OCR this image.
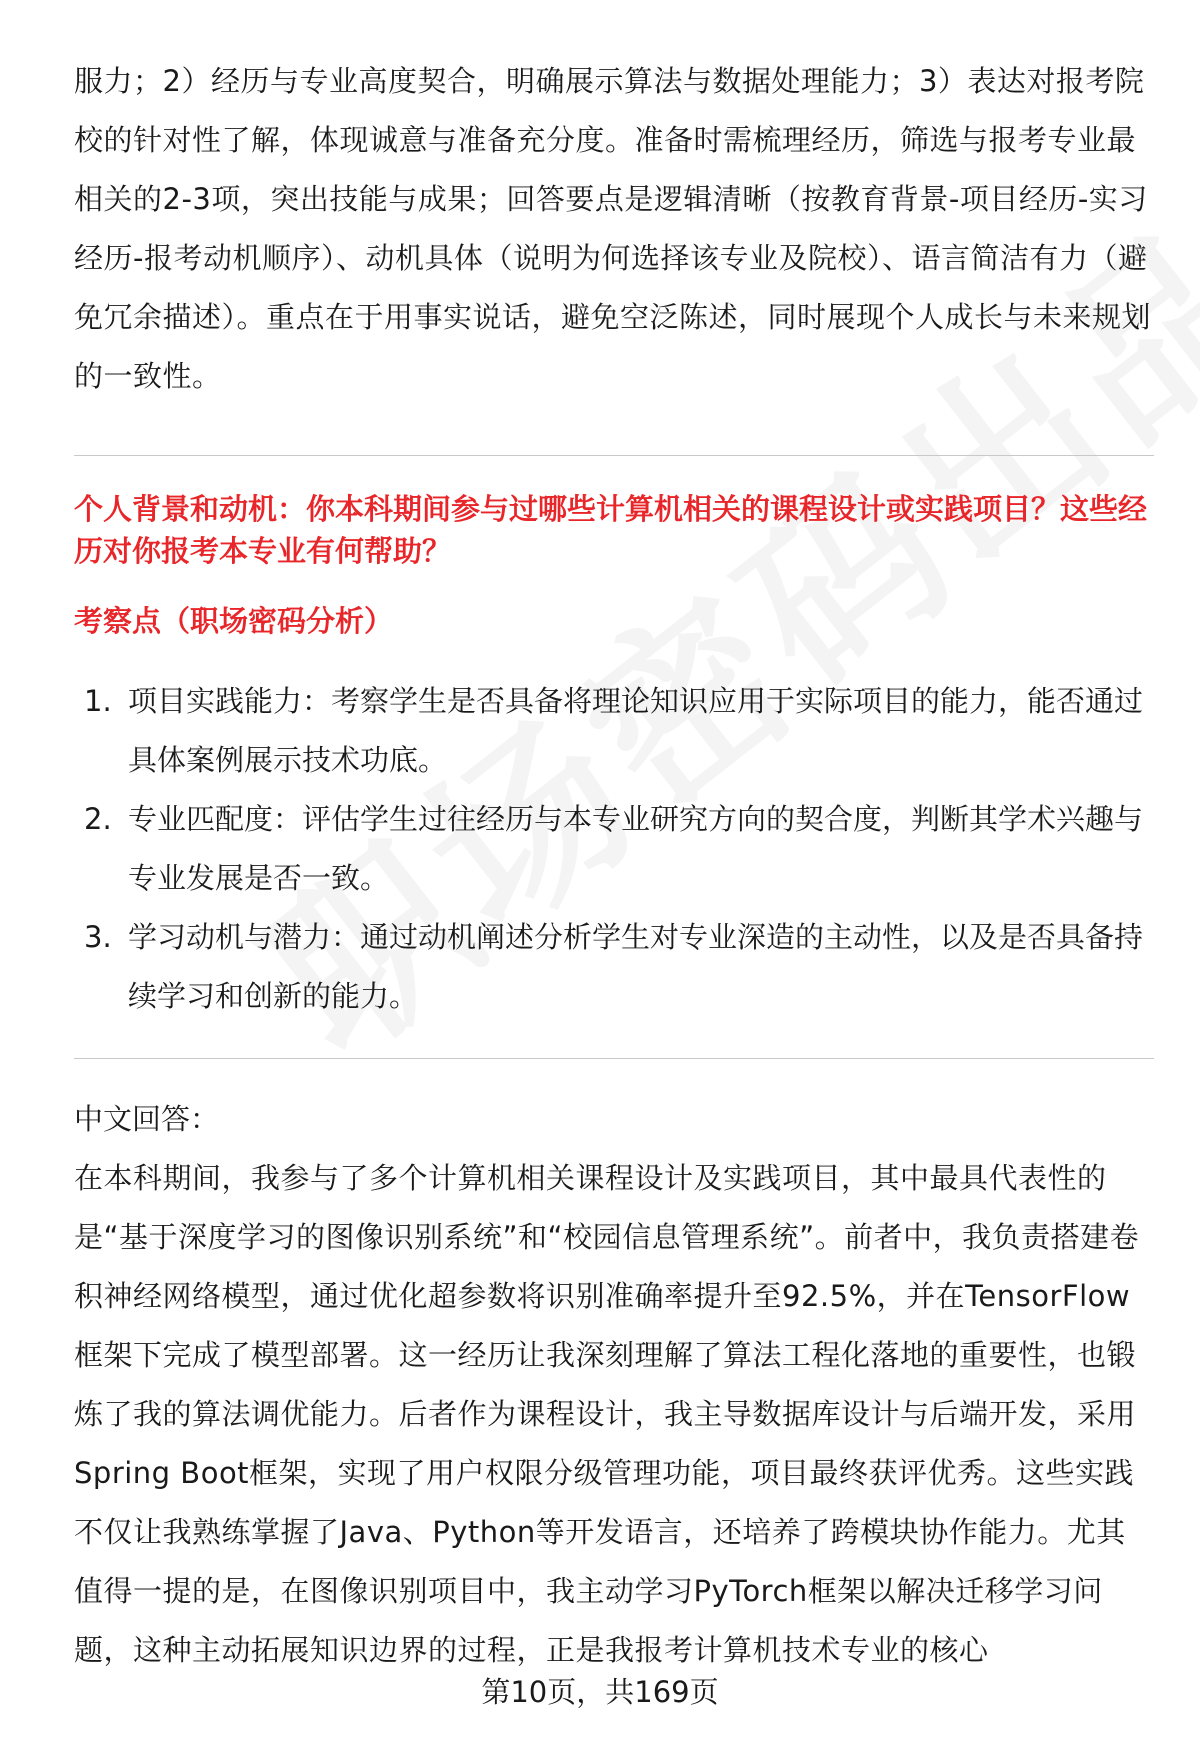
服力；2）经历与专业高度契合，明确展示算法与数据处理能力；3）表达对报考院校的针对性了解，体现诚意与准备充分度。准备时需梳理经历，筛选与报考专业最相关的2-3项，突出技能与成果；回答要点是逻辑清晰（按教育背景-项目经历-实习经历-报考动机顺序）、动机具体（说明为何选择该专业及院校）、语言简洁有力（避免冗余描述）。重点在于用事实说话，避免空泛陈述，同时展现个人成长与未来规划的一致性。

个人背景和动机：你本科期间参与过哪些计算机相关的课程设计或实践项目？这些经历对你报考本专业有何帮助？

考察点（职场密码分析）

1. 项目实践能力：考察学生是否具备将理论知识应用于实际项目的能力，能否通过具体案例展示技术功底。
2. 专业匹配度：评估学生过往经历与本专业研究方向的契合度，判断其学术兴趣与专业发展是否一致。
3. 学习动机与潜力：通过动机阐述分析学生对专业深造的主动性，以及是否具备持续学习和创新的能力。

中文回答：

在本科期间，我参与了多个计算机相关课程设计及实践项目，其中最具代表性的是“基于深度学习的图像识别系统”和“校园信息管理系统”。前者中，我负责搭建卷积神经网络模型，通过优化超参数将识别准确率提升至92.5%，并在TensorFlow框架下完成了模型部署。这一经历让我深刻理解了算法工程化落地的重要性，也锻炼了我的算法调优能力。后者作为课程设计，我主导数据库设计与后端开发，采用Spring Boot框架，实现了用户权限分级管理功能，项目最终获评优秀。这些实践不仅让我熟练掌握了Java、Python等开发语言，还培养了跨模块协作能力。尤其值得一提的是，在图像识别项目中，我主动学习PyTorch框架以解决迁移学习问题，这种主动拓展知识边界的过程，正是我报考计算机技术专业的核心

第10页，共169页
